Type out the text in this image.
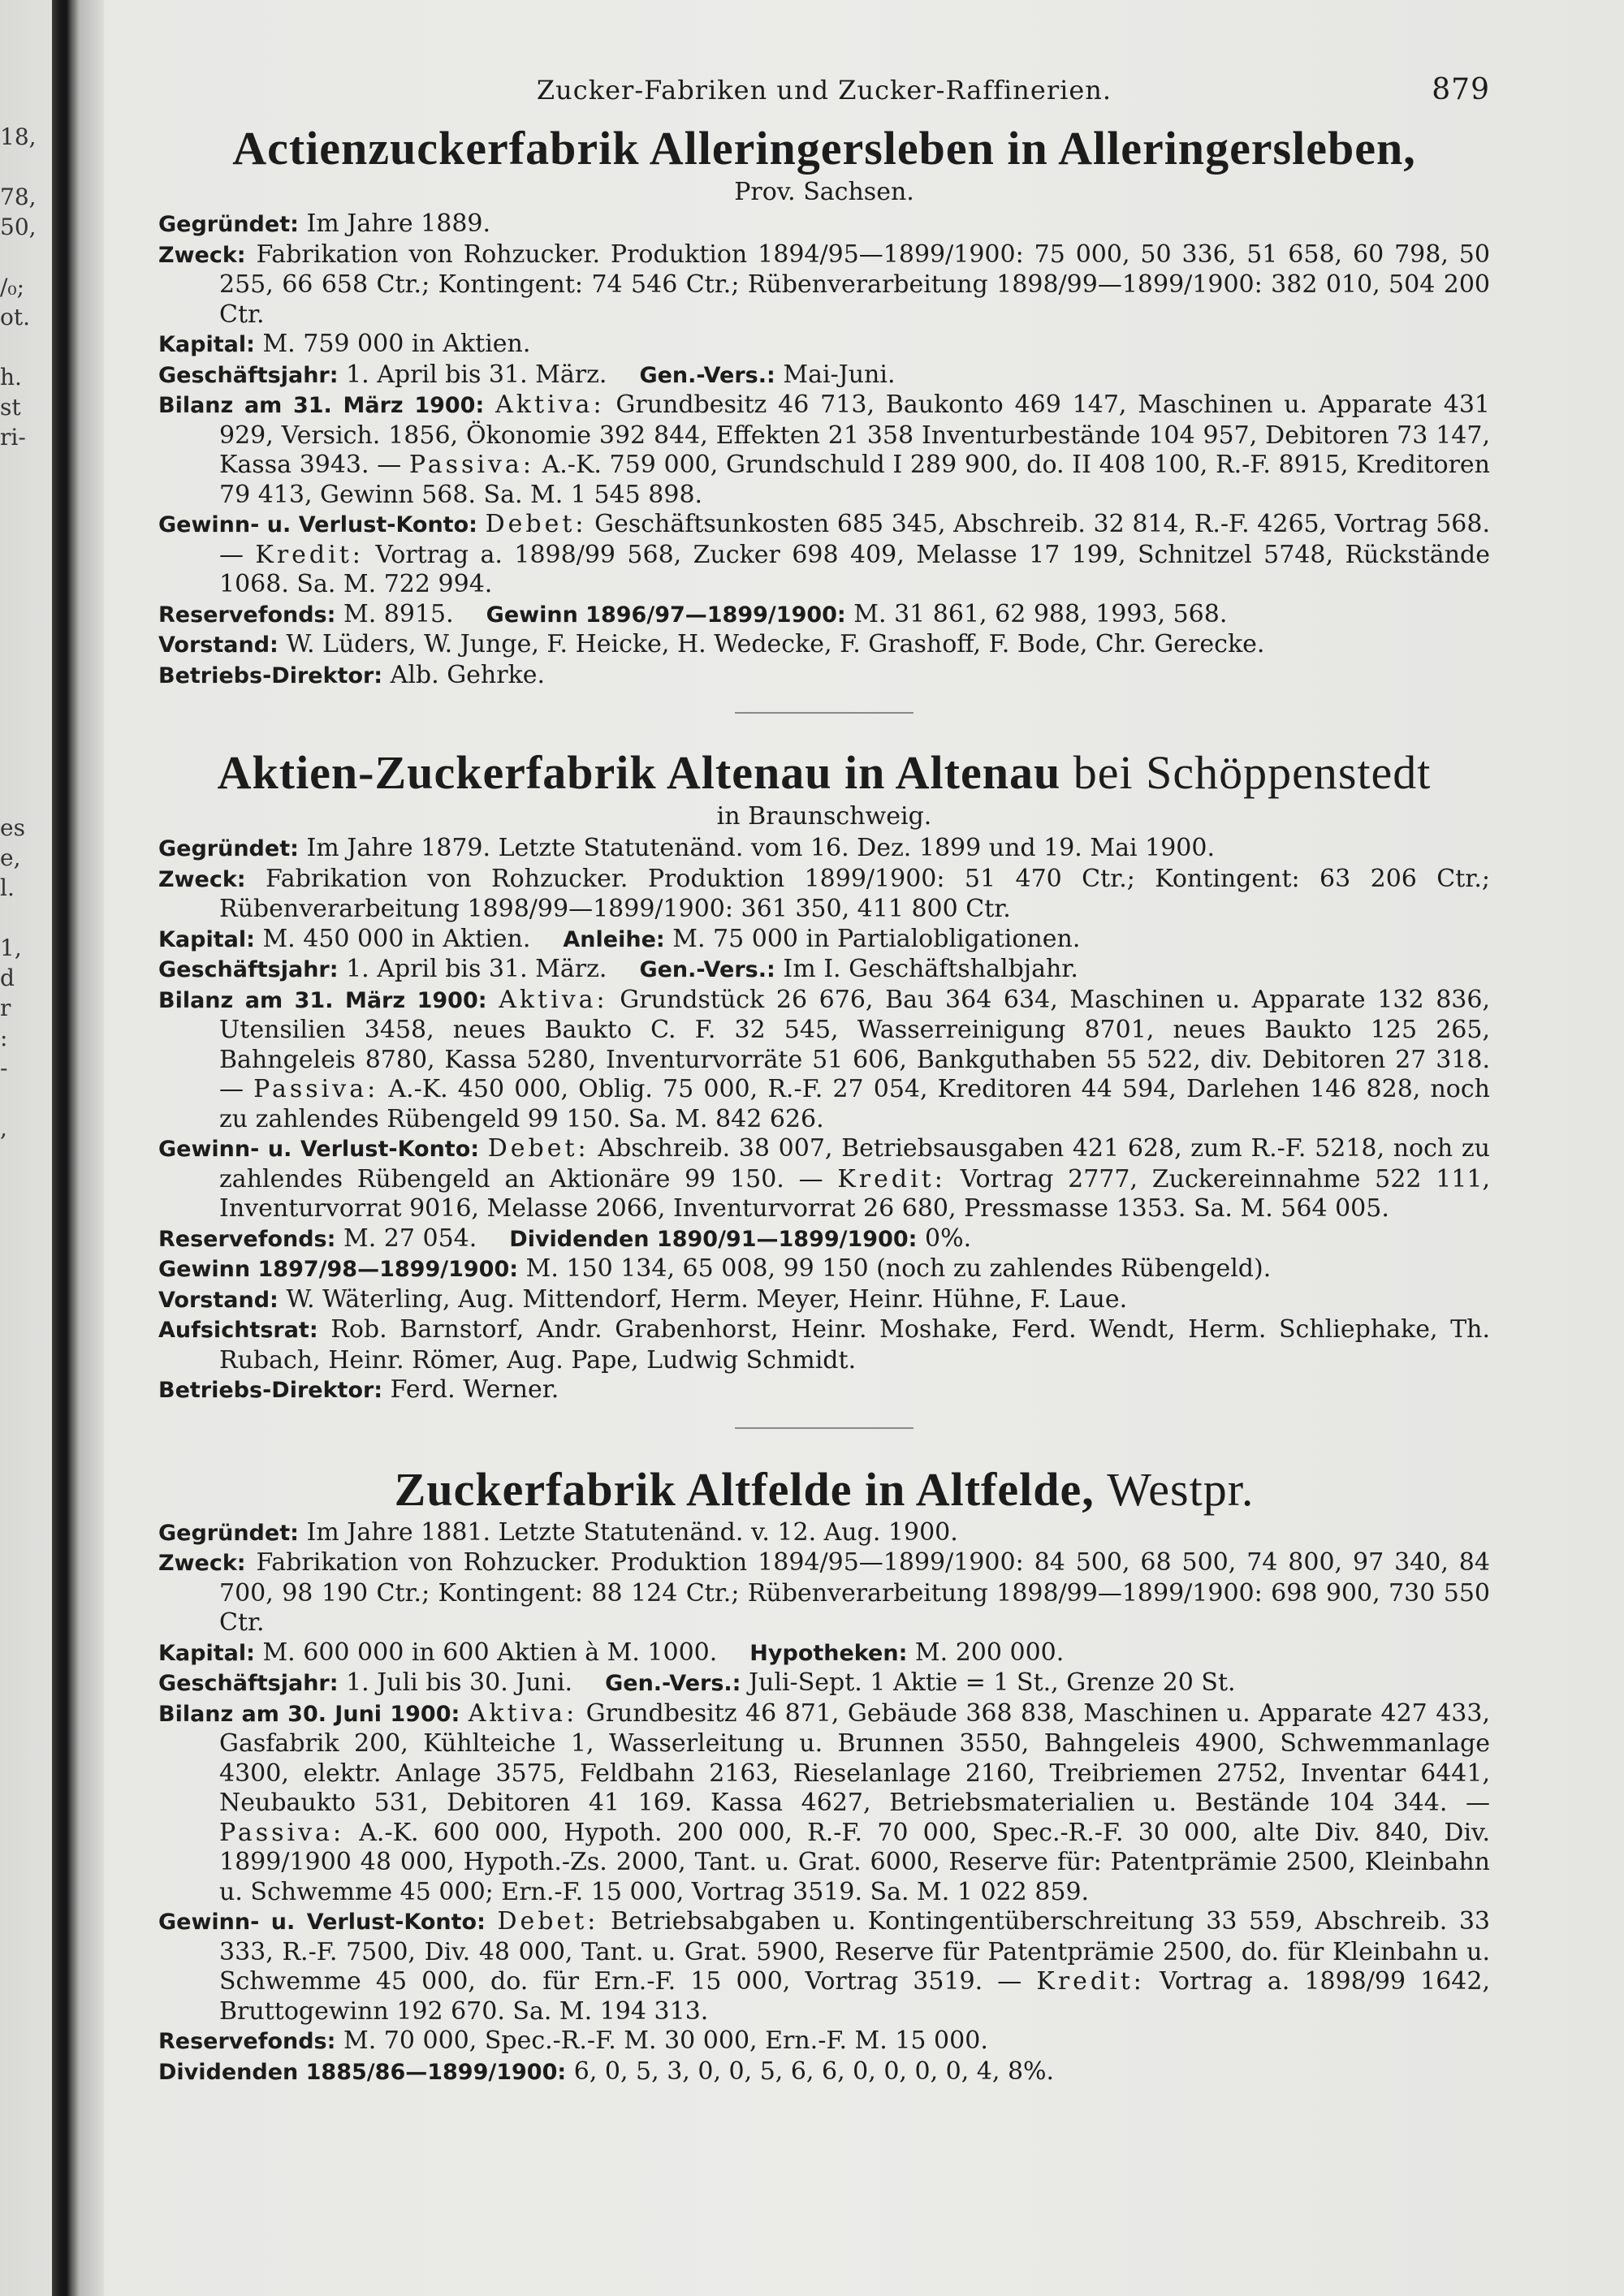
18,
78,
50,
/₀;
ot.
h.
st
ri-
es
e,
l.
1,
d
r
:
-
,
Zucker-Fabriken und Zucker-Raffinerien.	879
Actienzuckerfabrik Alleringersleben in Alleringersleben,
Prov. Sachsen.
Gegründet: Im Jahre 1889.
Zweck: Fabrikation von Rohzucker. Produktion 1894/95—1899/1900: 75 000, 50 336, 51 658, 60 798, 50 255, 66 658 Ctr.; Kontingent: 74 546 Ctr.; Rübenverarbeitung 1898/99—1899/1900: 382 010, 504 200 Ctr.
Kapital: M. 759 000 in Aktien.
Geschäftsjahr: 1. April bis 31. März. Gen.-Vers.: Mai-Juni.
Bilanz am 31. März 1900: Aktiva: Grundbesitz 46 713, Baukonto 469 147, Maschinen u. Apparate 431 929, Versich. 1856, Ökonomie 392 844, Effekten 21 358 Inventurbestände 104 957, Debitoren 73 147, Kassa 3943. — Passiva: A.-K. 759 000, Grundschuld I 289 900, do. II 408 100, R.-F. 8915, Kreditoren 79 413, Gewinn 568. Sa. M. 1 545 898.
Gewinn- u. Verlust-Konto: Debet: Geschäftsunkosten 685 345, Abschreib. 32 814, R.-F. 4265, Vortrag 568. — Kredit: Vortrag a. 1898/99 568, Zucker 698 409, Melasse 17 199, Schnitzel 5748, Rückstände 1068. Sa. M. 722 994.
Reservefonds: M. 8915. Gewinn 1896/97—1899/1900: M. 31 861, 62 988, 1993, 568.
Vorstand: W. Lüders, W. Junge, F. Heicke, H. Wedecke, F. Grashoff, F. Bode, Chr. Gerecke.
Betriebs-Direktor: Alb. Gehrke.
Aktien-Zuckerfabrik Altenau in Altenau bei Schöppenstedt
in Braunschweig.
Gegründet: Im Jahre 1879. Letzte Statutenänd. vom 16. Dez. 1899 und 19. Mai 1900.
Zweck: Fabrikation von Rohzucker. Produktion 1899/1900: 51 470 Ctr.; Kontingent: 63 206 Ctr.; Rübenverarbeitung 1898/99—1899/1900: 361 350, 411 800 Ctr.
Kapital: M. 450 000 in Aktien. Anleihe: M. 75 000 in Partialobligationen.
Geschäftsjahr: 1. April bis 31. März. Gen.-Vers.: Im I. Geschäftshalbjahr.
Bilanz am 31. März 1900: Aktiva: Grundstück 26 676, Bau 364 634, Maschinen u. Apparate 132 836, Utensilien 3458, neues Baukto C. F. 32 545, Wasserreinigung 8701, neues Baukto 125 265, Bahngeleis 8780, Kassa 5280, Inventurvorräte 51 606, Bankguthaben 55 522, div. Debitoren 27 318. — Passiva: A.-K. 450 000, Oblig. 75 000, R.-F. 27 054, Kreditoren 44 594, Darlehen 146 828, noch zu zahlendes Rübengeld 99 150. Sa. M. 842 626.
Gewinn- u. Verlust-Konto: Debet: Abschreib. 38 007, Betriebsausgaben 421 628, zum R.-F. 5218, noch zu zahlendes Rübengeld an Aktionäre 99 150. — Kredit: Vortrag 2777, Zuckereinnahme 522 111, Inventurvorrat 9016, Melasse 2066, Inventurvorrat 26 680, Pressmasse 1353. Sa. M. 564 005.
Reservefonds: M. 27 054. Dividenden 1890/91—1899/1900: 0%.
Gewinn 1897/98—1899/1900: M. 150 134, 65 008, 99 150 (noch zu zahlendes Rübengeld).
Vorstand: W. Wäterling, Aug. Mittendorf, Herm. Meyer, Heinr. Hühne, F. Laue.
Aufsichtsrat: Rob. Barnstorf, Andr. Grabenhorst, Heinr. Moshake, Ferd. Wendt, Herm. Schliephake, Th. Rubach, Heinr. Römer, Aug. Pape, Ludwig Schmidt.
Betriebs-Direktor: Ferd. Werner.
Zuckerfabrik Altfelde in Altfelde, Westpr.
Gegründet: Im Jahre 1881. Letzte Statutenänd. v. 12. Aug. 1900.
Zweck: Fabrikation von Rohzucker. Produktion 1894/95—1899/1900: 84 500, 68 500, 74 800, 97 340, 84 700, 98 190 Ctr.; Kontingent: 88 124 Ctr.; Rübenverarbeitung 1898/99—1899/1900: 698 900, 730 550 Ctr.
Kapital: M. 600 000 in 600 Aktien à M. 1000. Hypotheken: M. 200 000.
Geschäftsjahr: 1. Juli bis 30. Juni. Gen.-Vers.: Juli-Sept. 1 Aktie = 1 St., Grenze 20 St.
Bilanz am 30. Juni 1900: Aktiva: Grundbesitz 46 871, Gebäude 368 838, Maschinen u. Apparate 427 433, Gasfabrik 200, Kühlteiche 1, Wasserleitung u. Brunnen 3550, Bahngeleis 4900, Schwemmanlage 4300, elektr. Anlage 3575, Feldbahn 2163, Rieselanlage 2160, Treibriemen 2752, Inventar 6441, Neubaukto 531, Debitoren 41 169. Kassa 4627, Betriebsmaterialien u. Bestände 104 344. — Passiva: A.-K. 600 000, Hypoth. 200 000, R.-F. 70 000, Spec.-R.-F. 30 000, alte Div. 840, Div. 1899/1900 48 000, Hypoth.-Zs. 2000, Tant. u. Grat. 6000, Reserve für: Patentprämie 2500, Kleinbahn u. Schwemme 45 000; Ern.-F. 15 000, Vortrag 3519. Sa. M. 1 022 859.
Gewinn- u. Verlust-Konto: Debet: Betriebsabgaben u. Kontingentüberschreitung 33 559, Abschreib. 33 333, R.-F. 7500, Div. 48 000, Tant. u. Grat. 5900, Reserve für Patentprämie 2500, do. für Kleinbahn u. Schwemme 45 000, do. für Ern.-F. 15 000, Vortrag 3519. — Kredit: Vortrag a. 1898/99 1642, Bruttogewinn 192 670. Sa. M. 194 313.
Reservefonds: M. 70 000, Spec.-R.-F. M. 30 000, Ern.-F. M. 15 000.
Dividenden 1885/86—1899/1900: 6, 0, 5, 3, 0, 0, 5, 6, 6, 0, 0, 0, 0, 4, 8%.
